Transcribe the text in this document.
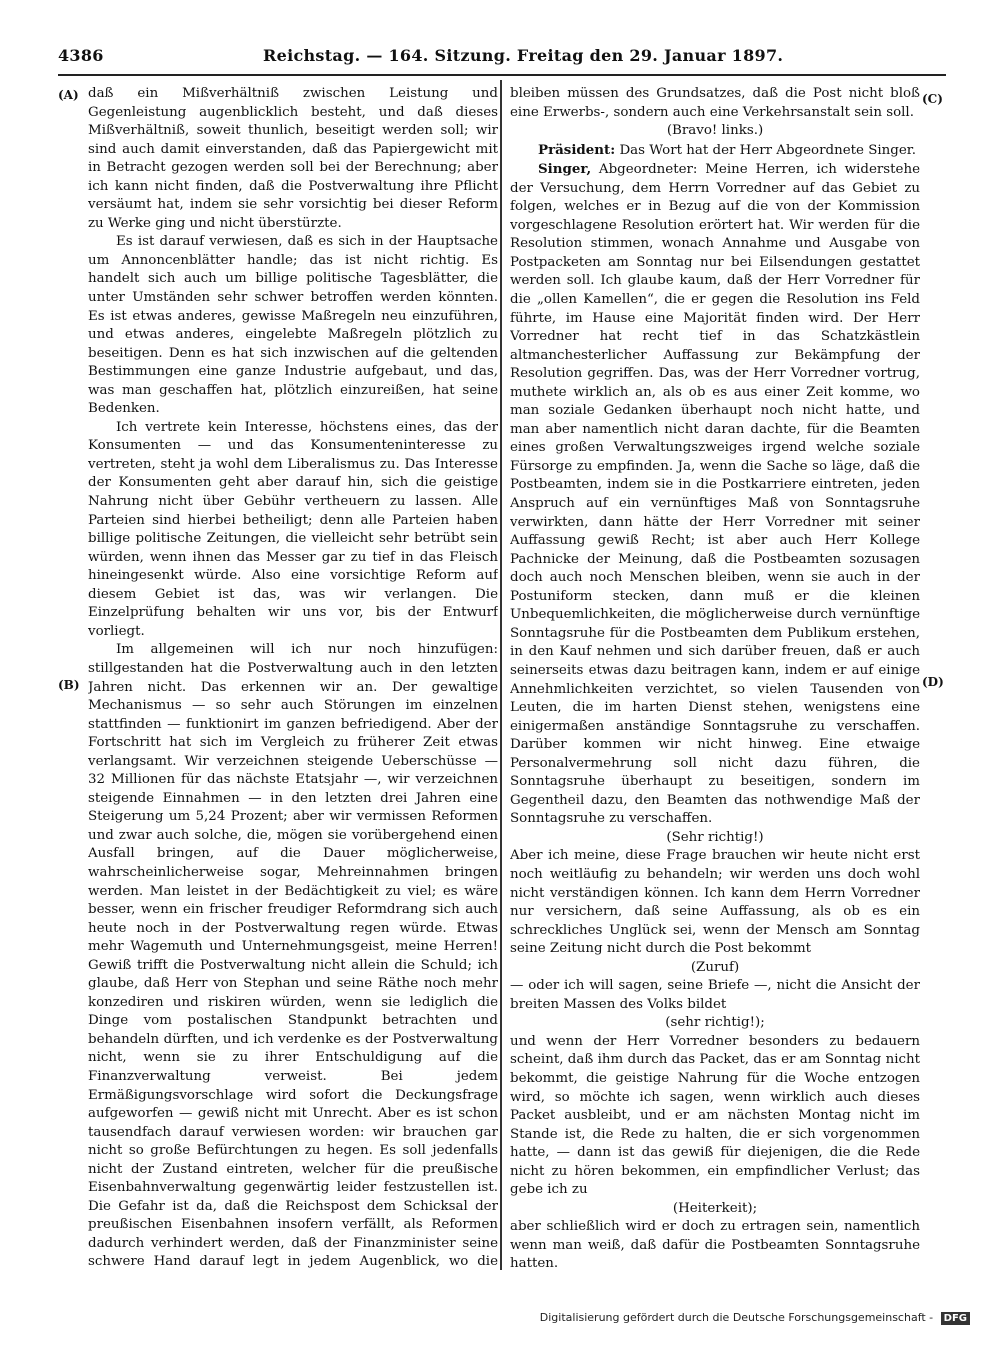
4386	Reichstag. — 164. Sitzung. Freitag den 29. Januar 1897.
(A)
(B)
(C)
(D)

daß ein Mißverhältniß zwischen Leistung und Gegenleistung augenblicklich besteht, und daß dieses Mißverhältniß, soweit thunlich, beseitigt werden soll; wir sind auch damit einverstanden, daß das Papiergewicht mit in Betracht gezogen werden soll bei der Berechnung; aber ich kann nicht finden, daß die Postverwaltung ihre Pflicht versäumt hat, indem sie sehr vorsichtig bei dieser Reform zu Werke ging und nicht überstürzte.

Es ist darauf verwiesen, daß es sich in der Hauptsache um Annoncenblätter handle; das ist nicht richtig. Es handelt sich auch um billige politische Tagesblätter, die unter Umständen sehr schwer betroffen werden könnten. Es ist etwas anderes, gewisse Maßregeln neu einzuführen, und etwas anderes, eingelebte Maßregeln plötzlich zu beseitigen. Denn es hat sich inzwischen auf die geltenden Bestimmungen eine ganze Industrie aufgebaut, und das, was man geschaffen hat, plötzlich einzureißen, hat seine Bedenken.

Ich vertrete kein Interesse, höchstens eines, das der Konsumenten — und das Konsumenteninteresse zu vertreten, steht ja wohl dem Liberalismus zu. Das Interesse der Konsumenten geht aber darauf hin, sich die geistige Nahrung nicht über Gebühr vertheuern zu lassen. Alle Parteien sind hierbei betheiligt; denn alle Parteien haben billige politische Zeitungen, die vielleicht sehr betrübt sein würden, wenn ihnen das Messer gar zu tief in das Fleisch hineingesenkt würde. Also eine vorsichtige Reform auf diesem Gebiet ist das, was wir verlangen. Die Einzelprüfung behalten wir uns vor, bis der Entwurf vorliegt.

Im allgemeinen will ich nur noch hinzufügen: stillgestanden hat die Postverwaltung auch in den letzten Jahren nicht. Das erkennen wir an. Der gewaltige Mechanismus — so sehr auch Störungen im einzelnen stattfinden — funktionirt im ganzen befriedigend. Aber der Fortschritt hat sich im Vergleich zu früherer Zeit etwas verlangsamt. Wir verzeichnen steigende Ueberschüsse — 32 Millionen für das nächste Etatsjahr —, wir verzeichnen steigende Einnahmen — in den letzten drei Jahren eine Steigerung um 5,24 Prozent; aber wir vermissen Reformen und zwar auch solche, die, mögen sie vorübergehend einen Ausfall bringen, auf die Dauer möglicherweise, wahrscheinlicherweise sogar, Mehreinnahmen bringen werden. Man leistet in der Bedächtigkeit zu viel; es wäre besser, wenn ein frischer freudiger Reformdrang sich auch heute noch in der Postverwaltung regen würde. Etwas mehr Wagemuth und Unternehmungsgeist, meine Herren! Gewiß trifft die Postverwaltung nicht allein die Schuld; ich glaube, daß Herr von Stephan und seine Räthe noch mehr konzediren und riskiren würden, wenn sie lediglich die Dinge vom postalischen Standpunkt betrachten und behandeln dürften, und ich verdenke es der Postverwaltung nicht, wenn sie zu ihrer Entschuldigung auf die Finanzverwaltung verweist. Bei jedem Ermäßigungsvorschlage wird sofort die Deckungsfrage aufgeworfen — gewiß nicht mit Unrecht. Aber es ist schon tausendfach darauf verwiesen worden: wir brauchen gar nicht so große Befürchtungen zu hegen. Es soll jedenfalls nicht der Zustand eintreten, welcher für die preußische Eisenbahnverwaltung gegenwärtig leider festzustellen ist. Die Gefahr ist da, daß die Reichspost dem Schicksal der preußischen Eisenbahnen insofern verfällt, als Reformen dadurch verhindert werden, daß der Finanzminister seine schwere Hand darauf legt in jedem Augenblick, wo die

bleiben müssen des Grundsatzes, daß die Post nicht bloß eine Erwerbs-, sondern auch eine Verkehrsanstalt sein soll.

(Bravo! links.)

Präsident: Das Wort hat der Herr Abgeordnete Singer.

Singer, Abgeordneter: Meine Herren, ich widerstehe der Versuchung, dem Herrn Vorredner auf das Gebiet zu folgen, welches er in Bezug auf die von der Kommission vorgeschlagene Resolution erörtert hat. Wir werden für die Resolution stimmen, wonach Annahme und Ausgabe von Postpacketen am Sonntag nur bei Eilsendungen gestattet werden soll. Ich glaube kaum, daß der Herr Vorredner für die „ollen Kamellen“, die er gegen die Resolution ins Feld führte, im Hause eine Majorität finden wird. Der Herr Vorredner hat recht tief in das Schatzkästlein altmanchesterlicher Auffassung zur Bekämpfung der Resolution gegriffen. Das, was der Herr Vorredner vortrug, muthete wirklich an, als ob es aus einer Zeit komme, wo man soziale Gedanken überhaupt noch nicht hatte, und man aber namentlich nicht daran dachte, für die Beamten eines großen Verwaltungszweiges irgend welche soziale Fürsorge zu empfinden. Ja, wenn die Sache so läge, daß die Postbeamten, indem sie in die Postkarriere eintreten, jeden Anspruch auf ein vernünftiges Maß von Sonntagsruhe verwirkten, dann hätte der Herr Vorredner mit seiner Auffassung gewiß Recht; ist aber auch Herr Kollege Pachnicke der Meinung, daß die Postbeamten sozusagen doch auch noch Menschen bleiben, wenn sie auch in der Postuniform stecken, dann muß er die kleinen Unbequemlichkeiten, die möglicherweise durch vernünftige Sonntagsruhe für die Postbeamten dem Publikum erstehen, in den Kauf nehmen und sich darüber freuen, daß er auch seinerseits etwas dazu beitragen kann, indem er auf einige Annehmlichkeiten verzichtet, so vielen Tausenden von Leuten, die im harten Dienst stehen, wenigstens eine einigermaßen anständige Sonntagsruhe zu verschaffen. Darüber kommen wir nicht hinweg. Eine etwaige Personalvermehrung soll nicht dazu führen, die Sonntagsruhe überhaupt zu beseitigen, sondern im Gegentheil dazu, den Beamten das nothwendige Maß der Sonntagsruhe zu verschaffen.

(Sehr richtig!)

Aber ich meine, diese Frage brauchen wir heute nicht erst noch weitläufig zu behandeln; wir werden uns doch wohl nicht verständigen können. Ich kann dem Herrn Vorredner nur versichern, daß seine Auffassung, als ob es ein schreckliches Unglück sei, wenn der Mensch am Sonntag seine Zeitung nicht durch die Post bekommt

(Zuruf)

— oder ich will sagen, seine Briefe —, nicht die Ansicht der breiten Massen des Volks bildet

(sehr richtig!);

und wenn der Herr Vorredner besonders zu bedauern scheint, daß ihm durch das Packet, das er am Sonntag nicht bekommt, die geistige Nahrung für die Woche entzogen wird, so möchte ich sagen, wenn wirklich auch dieses Packet ausbleibt, und er am nächsten Montag nicht im Stande ist, die Rede zu halten, die er sich vorgenommen hatte, — dann ist das gewiß für diejenigen, die die Rede nicht zu hören bekommen, ein empfindlicher Verlust; das gebe ich zu

(Heiterkeit);

aber schließlich wird er doch zu ertragen sein, namentlich wenn man weiß, daß dafür die Postbeamten Sonntagsruhe hatten.

Digitalisierung gefördert durch die Deutsche Forschungsgemeinschaft - DFG
